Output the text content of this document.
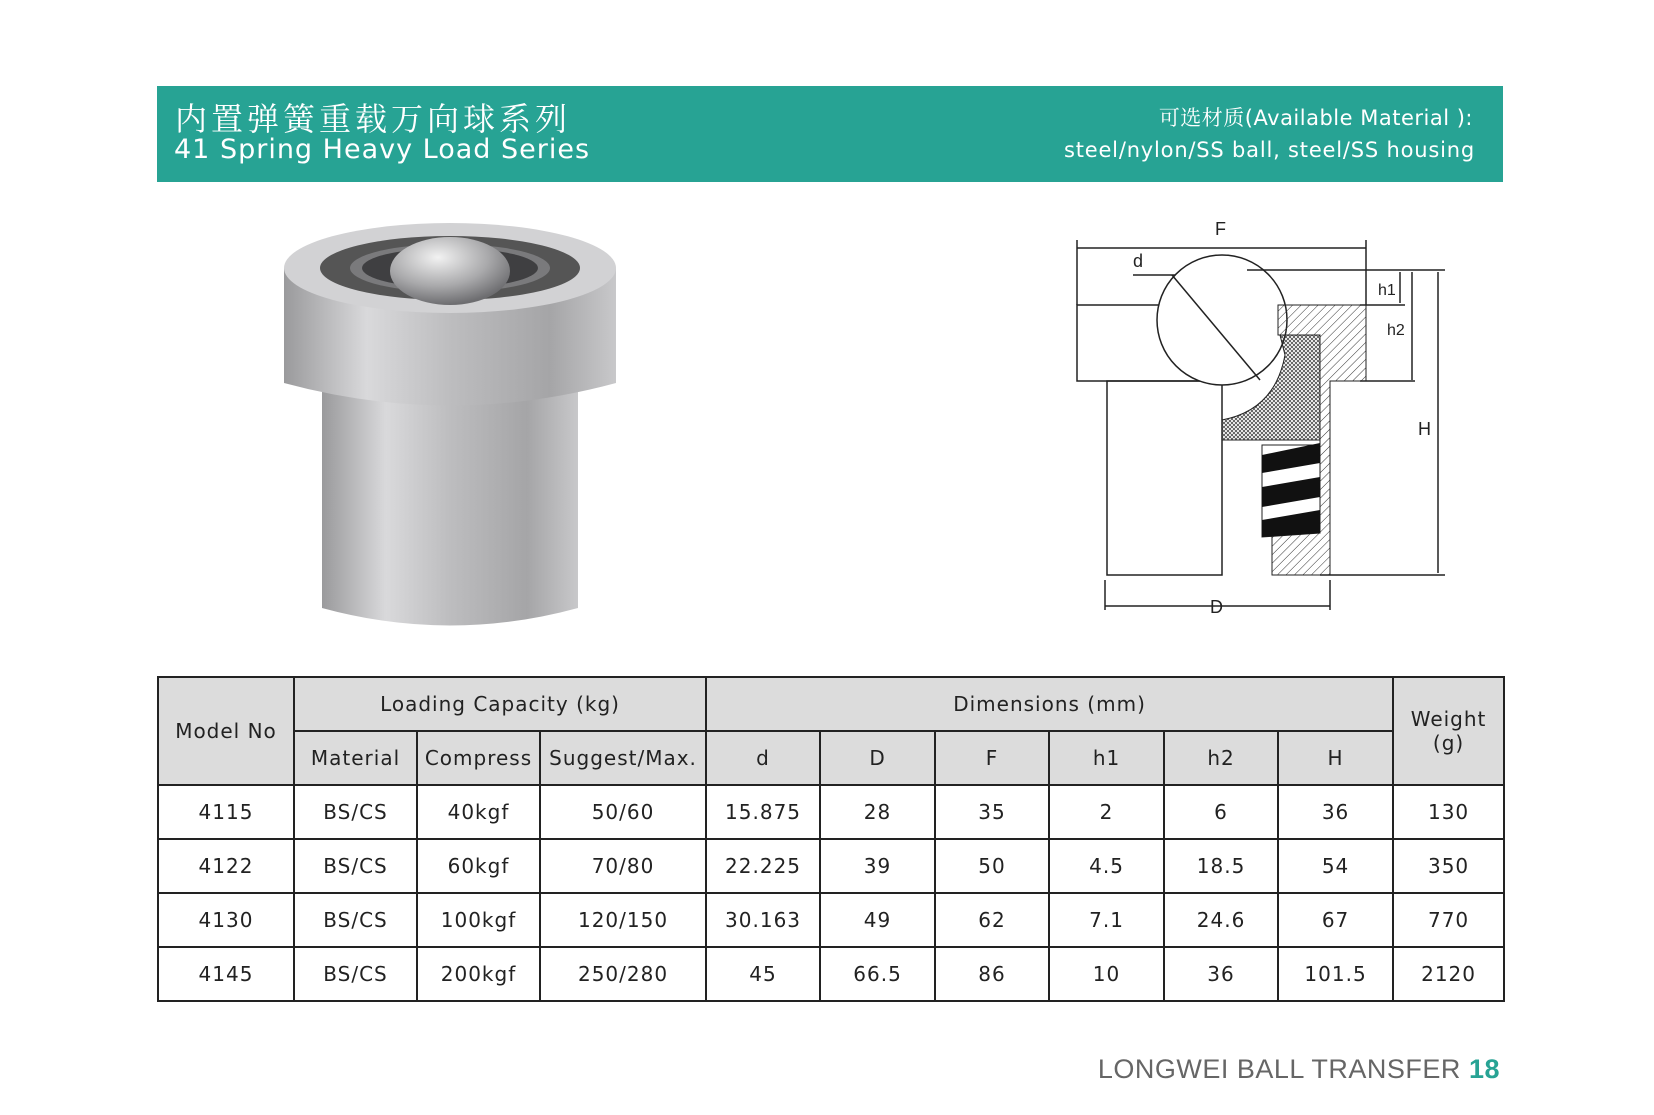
内置弹簧重载万向球系列
41 Spring Heavy Load Series
可选材质(Available Material ):
steel/nylon/SS ball, steel/SS housing
F
d
h1
h2
H
D
Model No	Loading Capacity (kg)			Dimensions (mm)						Weight
(g)
	Material	Compress	Suggest/Max.	d	D	F	h1	h2	H	
4115	BS/CS	40kgf	50/60	15.875	28	35	2	6	36	130
4122	BS/CS	60kgf	70/80	22.225	39	50	4.5	18.5	54	350
4130	BS/CS	100kgf	120/150	30.163	49	62	7.1	24.6	67	770
4145	BS/CS	200kgf	250/280	45	66.5	86	10	36	101.5	2120
LONGWEI BALL TRANSFER 18
